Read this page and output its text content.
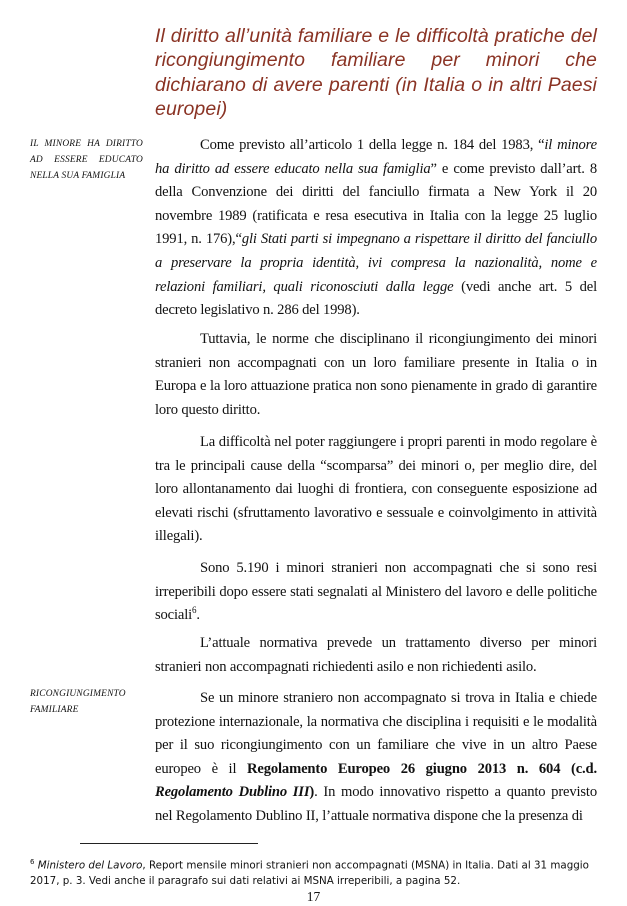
Il diritto all’unità familiare e le difficoltà pratiche del ricongiungimento familiare per minori che dichiarano di avere parenti (in Italia o in altri Paesi europei)

IL MINORE HA DIRITTO AD ESSERE EDUCATO NELLA SUA FAMIGLIA

RICONGIUNGIMENTO FAMILIARE

Come previsto all’articolo 1 della legge n. 184 del 1983, “il minore ha diritto ad essere educato nella sua famiglia” e come previsto dall’art. 8 della Convenzione dei diritti del fanciullo firmata a New York il 20 novembre 1989 (ratificata e resa esecutiva in Italia con la legge 25 luglio 1991, n. 176),“gli Stati parti si impegnano a rispettare il diritto del fanciullo a preservare la propria identità, ivi compresa la nazionalità, nome e relazioni familiari, quali riconosciuti dalla legge (vedi anche art. 5 del decreto legislativo n. 286 del 1998).

Tuttavia, le norme che disciplinano il ricongiungimento dei minori stranieri non accompagnati con un loro familiare presente in Italia o in Europa e la loro attuazione pratica non sono pienamente in grado di garantire loro questo diritto.

La difficoltà nel poter raggiungere i propri parenti in modo regolare è tra le principali cause della “scomparsa” dei minori o, per meglio dire, del loro allontanamento dai luoghi di frontiera, con conseguente esposizione ad elevati rischi (sfruttamento lavorativo e sessuale e coinvolgimento in attività illegali).

Sono 5.190 i minori stranieri non accompagnati che si sono resi irreperibili dopo essere stati segnalati al Ministero del lavoro e delle politiche sociali$^6$.

L’attuale normativa prevede un trattamento diverso per minori stranieri non accompagnati richiedenti asilo e non richiedenti asilo.

Se un minore straniero non accompagnato si trova in Italia e chiede protezione internazionale, la normativa che disciplina i requisiti e le modalità per il suo ricongiungimento con un familiare che vive in un altro Paese europeo è il Regolamento Europeo 26 giugno 2013 n. 604 (c.d. Regolamento Dublino III). In modo innovativo rispetto a quanto previsto nel Regolamento Dublino II, l’attuale normativa dispone che la presenza di

$^6$ Ministero del Lavoro, Report mensile minori stranieri non accompagnati (MSNA) in Italia. Dati al 31 maggio 2017, p. 3. Vedi anche il paragrafo sui dati relativi ai MSNA irreperibili, a pagina 52.

17
